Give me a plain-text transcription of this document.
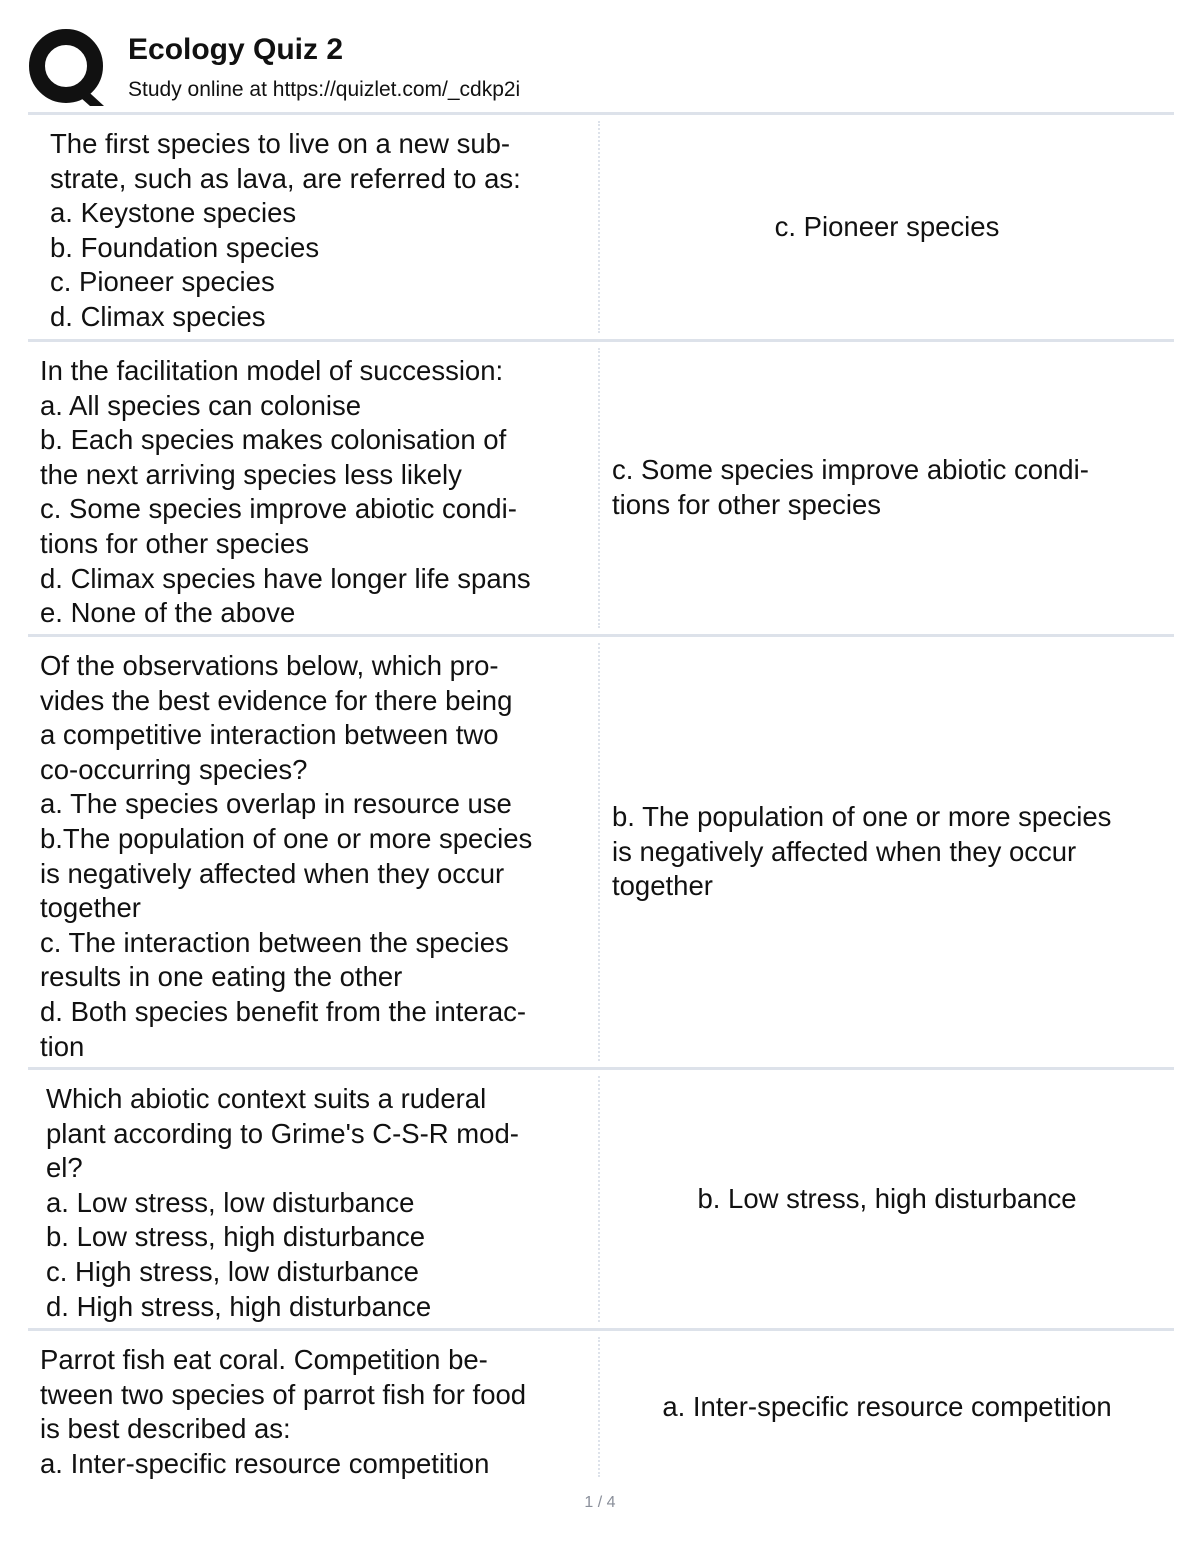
Ecology Quiz 2
Study online at https://quizlet.com/_cdkp2i
The first species to live on a new sub-
strate, such as lava, are referred to as:
a. Keystone species
b. Foundation species
c. Pioneer species
d. Climax species
c. Pioneer species
In the facilitation model of succession:
a. All species can colonise
b. Each species makes colonisation of
the next arriving species less likely
c. Some species improve abiotic condi-
tions for other species
d. Climax species have longer life spans
e. None of the above
c. Some species improve abiotic condi-
tions for other species
Of the observations below, which pro-
vides the best evidence for there being
a competitive interaction between two
co-occurring species?
a. The species overlap in resource use
b.The population of one or more species
is negatively affected when they occur
together
c. The interaction between the species
results in one eating the other
d. Both species benefit from the interac-
tion
b. The population of one or more species
is negatively affected when they occur
together
Which abiotic context suits a ruderal
plant according to Grime's C-S-R mod-
el?
a. Low stress, low disturbance
b. Low stress, high disturbance
c. High stress, low disturbance
d. High stress, high disturbance
b. Low stress, high disturbance
Parrot fish eat coral. Competition be-
tween two species of parrot fish for food
is best described as:
a. Inter-specific resource competition
a. Inter-specific resource competition
1 / 4
